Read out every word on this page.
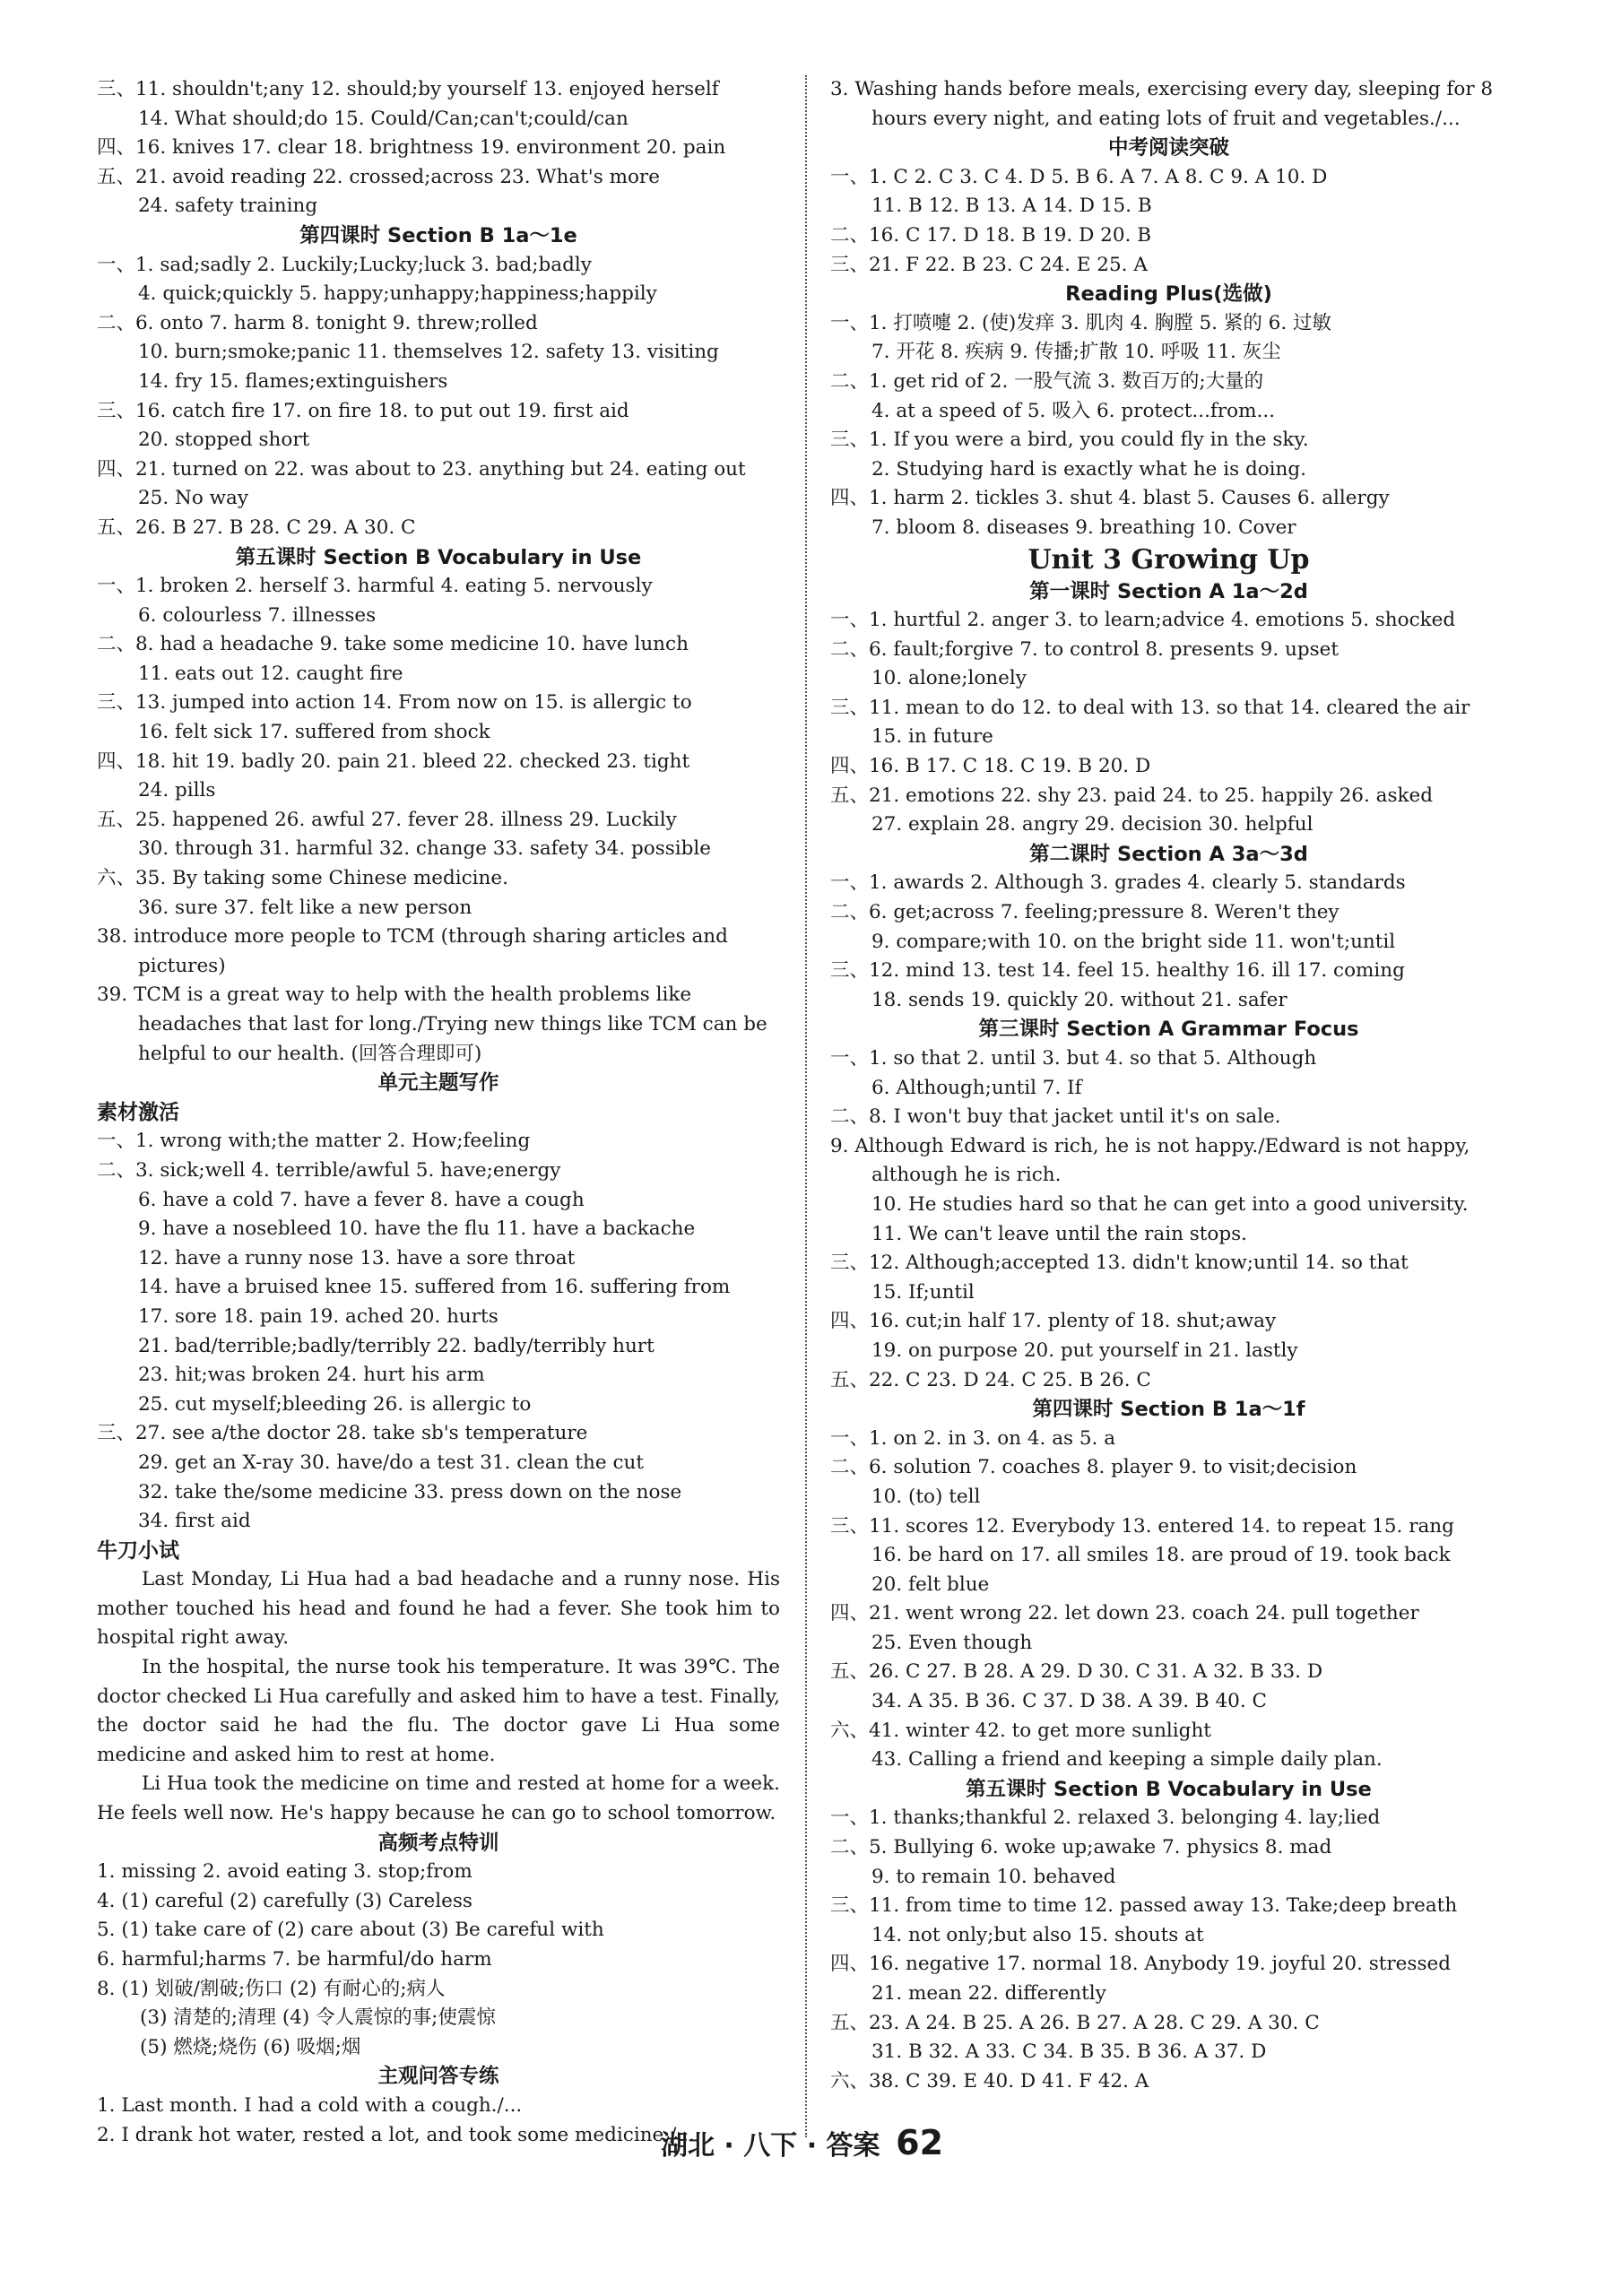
三、11. shouldn't;any 12. should;by yourself 13. enjoyed herself
14. What should;do 15. Could/Can;can't;could/can
四、16. knives 17. clear 18. brightness 19. environment 20. pain
五、21. avoid reading 22. crossed;across 23. What's more
24. safety training
第四课时 Section B 1a～1e
一、1. sad;sadly 2. Luckily;Lucky;luck 3. bad;badly
4. quick;quickly 5. happy;unhappy;happiness;happily
二、6. onto 7. harm 8. tonight 9. threw;rolled
10. burn;smoke;panic 11. themselves 12. safety 13. visiting
14. fry 15. flames;extinguishers
三、16. catch fire 17. on fire 18. to put out 19. first aid
20. stopped short
四、21. turned on 22. was about to 23. anything but 24. eating out
25. No way
五、26. B 27. B 28. C 29. A 30. C
第五课时 Section B Vocabulary in Use
一、1. broken 2. herself 3. harmful 4. eating 5. nervously
6. colourless 7. illnesses
二、8. had a headache 9. take some medicine 10. have lunch
11. eats out 12. caught fire
三、13. jumped into action 14. From now on 15. is allergic to
16. felt sick 17. suffered from shock
四、18. hit 19. badly 20. pain 21. bleed 22. checked 23. tight
24. pills
五、25. happened 26. awful 27. fever 28. illness 29. Luckily
30. through 31. harmful 32. change 33. safety 34. possible
六、35. By taking some Chinese medicine.
36. sure 37. felt like a new person
38. introduce more people to TCM (through sharing articles and pictures)
39. TCM is a great way to help with the health problems like headaches that last for long./Trying new things like TCM can be helpful to our health. (回答合理即可)
单元主题写作
素材激活
一、1. wrong with;the matter 2. How;feeling
二、3. sick;well 4. terrible/awful 5. have;energy
6. have a cold 7. have a fever 8. have a cough
9. have a nosebleed 10. have the flu 11. have a backache
12. have a runny nose 13. have a sore throat
14. have a bruised knee 15. suffered from 16. suffering from
17. sore 18. pain 19. ached 20. hurts
21. bad/terrible;badly/terribly 22. badly/terribly hurt
23. hit;was broken 24. hurt his arm
25. cut myself;bleeding 26. is allergic to
三、27. see a/the doctor 28. take sb's temperature
29. get an X-ray 30. have/do a test 31. clean the cut
32. take the/some medicine 33. press down on the nose
34. first aid
牛刀小试
Last Monday, Li Hua had a bad headache and a runny nose. His mother touched his head and found he had a fever. She took him to hospital right away.
In the hospital, the nurse took his temperature. It was 39℃. The doctor checked Li Hua carefully and asked him to have a test. Finally, the doctor said he had the flu. The doctor gave Li Hua some medicine and asked him to rest at home.
Li Hua took the medicine on time and rested at home for a week. He feels well now. He's happy because he can go to school tomorrow.
高频考点特训
1. missing 2. avoid eating 3. stop;from
4. (1) careful (2) carefully (3) Careless
5. (1) take care of (2) care about (3) Be careful with
6. harmful;harms 7. be harmful/do harm
8. (1) 划破/割破;伤口 (2) 有耐心的;病人
(3) 清楚的;清理 (4) 令人震惊的事;使震惊
(5) 燃烧;烧伤 (6) 吸烟;烟
主观问答专练
1. Last month. I had a cold with a cough./...
2. I drank hot water, rested a lot, and took some medicine./...
3. Washing hands before meals, exercising every day, sleeping for 8 hours every night, and eating lots of fruit and vegetables./...
中考阅读突破
一、1. C 2. C 3. C 4. D 5. B 6. A 7. A 8. C 9. A 10. D
11. B 12. B 13. A 14. D 15. B
二、16. C 17. D 18. B 19. D 20. B
三、21. F 22. B 23. C 24. E 25. A
Reading Plus(选做)
一、1. 打喷嚏 2. (使)发痒 3. 肌肉 4. 胸膛 5. 紧的 6. 过敏
7. 开花 8. 疾病 9. 传播;扩散 10. 呼吸 11. 灰尘
二、1. get rid of 2. 一股气流 3. 数百万的;大量的
4. at a speed of 5. 吸入 6. protect...from...
三、1. If you were a bird, you could fly in the sky.
2. Studying hard is exactly what he is doing.
四、1. harm 2. tickles 3. shut 4. blast 5. Causes 6. allergy
7. bloom 8. diseases 9. breathing 10. Cover
Unit 3 Growing Up
第一课时 Section A 1a～2d
一、1. hurtful 2. anger 3. to learn;advice 4. emotions 5. shocked
二、6. fault;forgive 7. to control 8. presents 9. upset
10. alone;lonely
三、11. mean to do 12. to deal with 13. so that 14. cleared the air
15. in future
四、16. B 17. C 18. C 19. B 20. D
五、21. emotions 22. shy 23. paid 24. to 25. happily 26. asked
27. explain 28. angry 29. decision 30. helpful
第二课时 Section A 3a～3d
一、1. awards 2. Although 3. grades 4. clearly 5. standards
二、6. get;across 7. feeling;pressure 8. Weren't they
9. compare;with 10. on the bright side 11. won't;until
三、12. mind 13. test 14. feel 15. healthy 16. ill 17. coming
18. sends 19. quickly 20. without 21. safer
第三课时 Section A Grammar Focus
一、1. so that 2. until 3. but 4. so that 5. Although
6. Although;until 7. If
二、8. I won't buy that jacket until it's on sale.
9. Although Edward is rich, he is not happy./Edward is not happy, although he is rich.
10. He studies hard so that he can get into a good university.
11. We can't leave until the rain stops.
三、12. Although;accepted 13. didn't know;until 14. so that
15. If;until
四、16. cut;in half 17. plenty of 18. shut;away
19. on purpose 20. put yourself in 21. lastly
五、22. C 23. D 24. C 25. B 26. C
第四课时 Section B 1a～1f
一、1. on 2. in 3. on 4. as 5. a
二、6. solution 7. coaches 8. player 9. to visit;decision
10. (to) tell
三、11. scores 12. Everybody 13. entered 14. to repeat 15. rang
16. be hard on 17. all smiles 18. are proud of 19. took back
20. felt blue
四、21. went wrong 22. let down 23. coach 24. pull together
25. Even though
五、26. C 27. B 28. A 29. D 30. C 31. A 32. B 33. D
34. A 35. B 36. C 37. D 38. A 39. B 40. C
六、41. winter 42. to get more sunlight
43. Calling a friend and keeping a simple daily plan.
第五课时 Section B Vocabulary in Use
一、1. thanks;thankful 2. relaxed 3. belonging 4. lay;lied
二、5. Bullying 6. woke up;awake 7. physics 8. mad
9. to remain 10. behaved
三、11. from time to time 12. passed away 13. Take;deep breath
14. not only;but also 15. shouts at
四、16. negative 17. normal 18. Anybody 19. joyful 20. stressed
21. mean 22. differently
五、23. A 24. B 25. A 26. B 27. A 28. C 29. A 30. C
31. B 32. A 33. C 34. B 35. B 36. A 37. D
六、38. C 39. E 40. D 41. F 42. A
湖北 · 八下 · 答案 62
